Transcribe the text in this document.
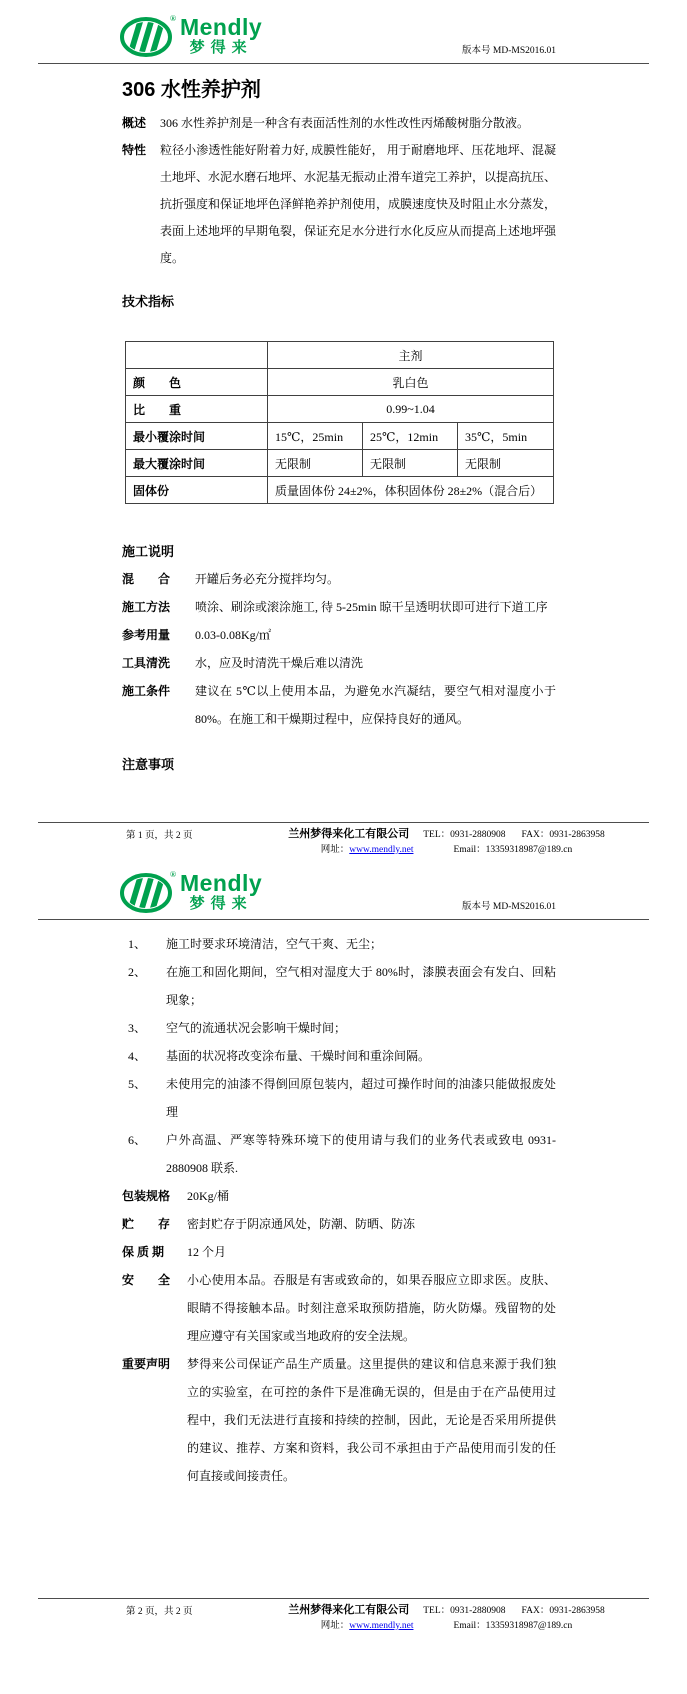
® Mendly
梦得来	版本号 MD-MS2016.01
306 水性养护剂
概述	306 水性养护剂是一种含有表面活性剂的水性改性丙烯酸树脂分散液。
特性	粒径小渗透性能好附着力好, 成膜性能好， 用于耐磨地坪、压花地坪、混凝土地坪、水泥水磨石地坪、水泥基无振动止滑车道完工养护，以提高抗压、抗折强度和保证地坪色泽鲜艳养护剂使用，成膜速度快及时阻止水分蒸发，表面上述地坪的早期龟裂，保证充足水分进行水化反应从而提高上述地坪强度。
技术指标
	主剂		
颜　　色	乳白色		
比　　重	0.99~1.04		
最小覆涂时间	15℃，25min	25℃，12min	35℃，5min
最大覆涂时间	无限制	无限制	无限制
固体份	质量固体份 24±2%，体积固体份 28±2%（混合后）		
施工说明
混　　合	开罐后务必充分搅拌均匀。
施工方法	喷涂、刷涂或滚涂施工, 待 5-25min 晾干呈透明状即可进行下道工序
参考用量	0.03-0.08Kg/㎡
工具清洗	水，应及时清洗干燥后难以清洗
施工条件	建议在 5℃以上使用本品，为避免水汽凝结，要空气相对湿度小于 80%。在施工和干燥期过程中，应保持良好的通风。
注意事项
第 1 页，共 2 页	兰州梦得来化工有限公司 TEL：0931-2880908 FAX：0931-2863958
网址：www.mendly.net	Email：13359318987@189.cn
® Mendly
梦得来	版本号 MD-MS2016.01
1、	施工时要求环境清洁，空气干爽、无尘；
2、	在施工和固化期间，空气相对湿度大于 80%时，漆膜表面会有发白、回粘现象；
3、	空气的流通状况会影响干燥时间；
4、	基面的状况将改变涂布量、干燥时间和重涂间隔。
5、	未使用完的油漆不得倒回原包装内，超过可操作时间的油漆只能做报废处理
6、	户外高温、严寒等特殊环境下的使用请与我们的业务代表或致电 0931-2880908 联系.
包装规格	20Kg/桶
贮　　存	密封贮存于阴凉通风处，防潮、防晒、防冻
保 质 期	12 个月
安　　全	小心使用本品。吞服是有害或致命的，如果吞服应立即求医。皮肤、眼睛不得接触本品。时刻注意采取预防措施，防火防爆。残留物的处理应遵守有关国家或当地政府的安全法规。
重要声明	梦得来公司保证产品生产质量。这里提供的建议和信息来源于我们独立的实验室，在可控的条件下是准确无误的，但是由于在产品使用过程中，我们无法进行直接和持续的控制，因此，无论是否采用所提供的建议、推荐、方案和资料，我公司不承担由于产品使用而引发的任何直接或间接责任。
第 2 页，共 2 页	兰州梦得来化工有限公司 TEL：0931-2880908 FAX：0931-2863958
网址：www.mendly.net	Email：13359318987@189.cn
